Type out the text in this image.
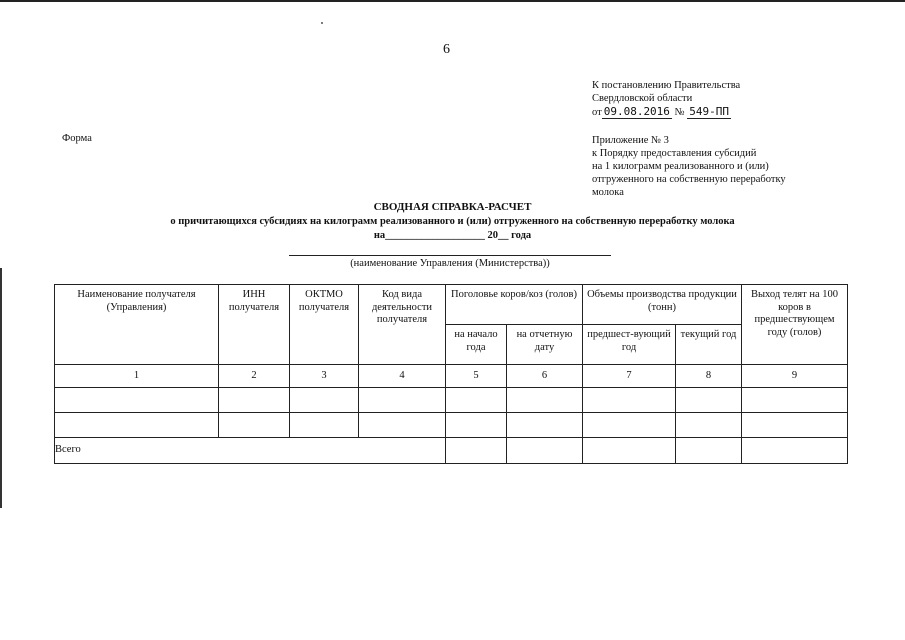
6
К постановлению Правительства
Свердловской области
от 09.08.2016 № 549-ПП
Форма	Приложение № 3
к Порядку предоставления субсидий
на 1 килограмм реализованного и (или)
отгруженного на собственную переработку
молока
СВОДНАЯ СПРАВКА-РАСЧЕТ
о причитающихся субсидиях на килограмм реализованного и (или) отгруженного на собственную переработку молока
на___________________ 20__ года
(наименование Управления (Министерства))
Наименование получателя (Управления)	ИНН получателя	ОКТМО получателя	Код вида деятельности получателя	Поголовье коров/коз (голов)		Объемы производства продукции (тонн)		Выход телят на 100 коров в предшествующем году (голов)
				на начало года	на отчетную дату	предшест-вующий год	текущий год	
1	2	3	4	5	6	7	8	9

Всего								
